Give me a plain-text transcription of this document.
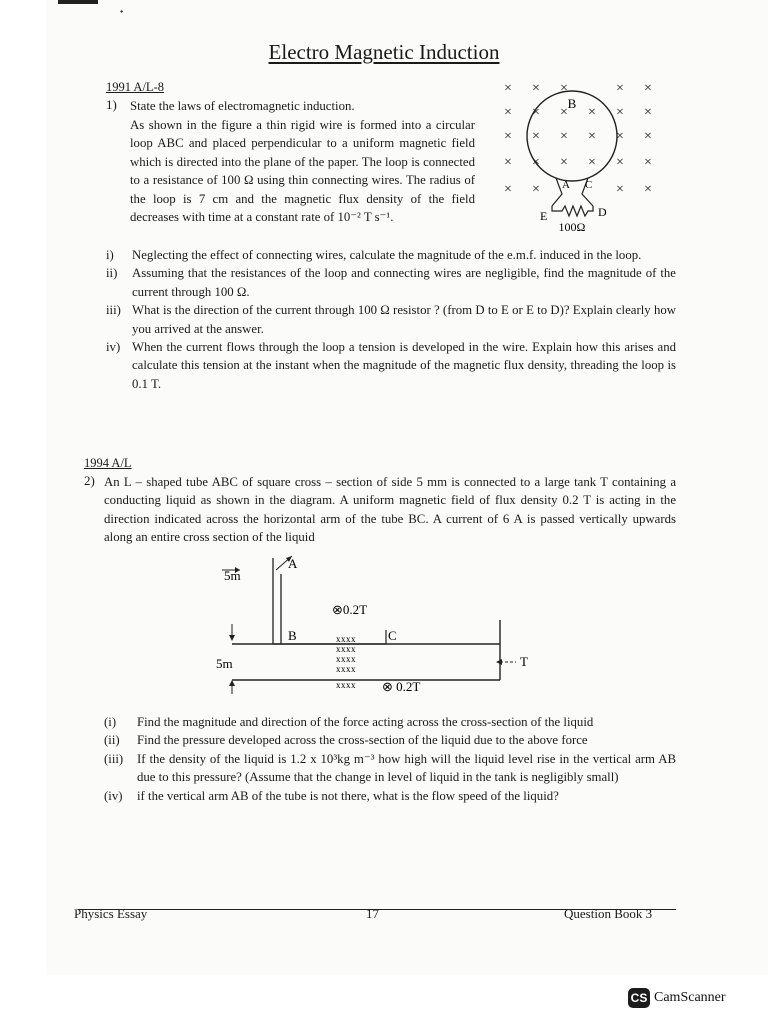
⬩
Electro Magnetic Induction
1991 A/L-8
1) State the laws of electromagnetic induction.

As shown in the figure a thin rigid wire is formed into a circular loop ABC and placed perpendicular to a uniform magnetic field which is directed into the plane of the paper. The loop is connected to a resistance of 100 Ω using thin connecting wires. The radius of the loop is 7 cm and the magnetic flux density of the field decreases with time at a constant rate of 10⁻² T s⁻¹.

× × ×	× ×
× × × × × ×
× × × × × ×
× × × × × ×
× ×	× ×
B
A C
E	D
100Ω
i)	Neglecting the effect of connecting wires, calculate the magnitude of the e.m.f. induced in the loop.
ii)	Assuming that the resistances of the loop and connecting wires are negligible, find the magnitude of the current through 100 Ω.
iii) What is the direction of the current through 100 Ω resistor ? (from D to E or E to D)? Explain clearly how you arrived at the answer.
iv) When the current flows through the loop a tension is developed in the wire. Explain how this arises and calculate this tension at the instant when the magnitude of the magnetic flux density, threading the loop is 0.1 T.
1994 A/L
2) An L – shaped tube ABC of square cross – section of side 5 mm is connected to a large tank T containing a conducting liquid as shown in the diagram. A uniform magnetic field of flux density 0.2 T is acting in the direction indicated across the horizontal arm of the tube BC. A current of 6 A is passed vertically upwards along an entire cross section of the liquid

5m
A
B
⊗0.2T
C
5m
xxxx
xxxx
xxxx
xxxx
xxxx ⊗ 0.2T
T
(i)	Find the magnitude and direction of the force acting across the cross-section of the liquid
(ii)	Find the pressure developed across the cross-section of the liquid due to the above force
(iii)	If the density of the liquid is 1.2 x 10³kg m⁻³ how high will the liquid level rise in the vertical arm AB due to this pressure? (Assume that the change in level of liquid in the tank is negligibly small)
(iv)	if the vertical arm AB of the tube is not there, what is the flow speed of the liquid?
Physics Essay	17	Question Book 3
CS CamScanner
